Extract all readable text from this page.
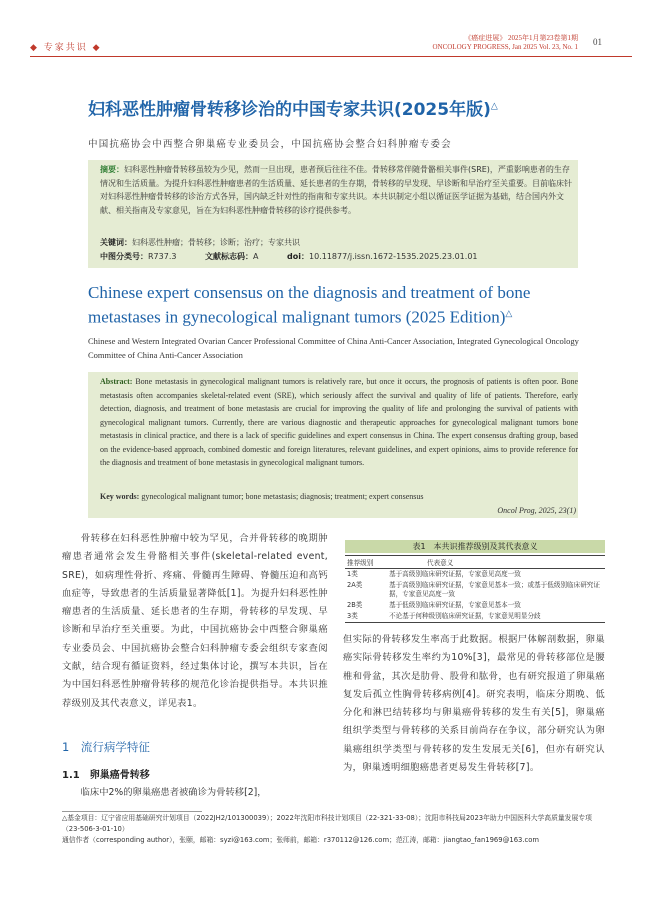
◆ 专家共识 ◆
《癌症进展》 2025年1月第23卷第1期
ONCOLOGY PROGRESS, Jan 2025 Vol. 23, No. 1 01
妇科恶性肿瘤骨转移诊治的中国专家共识(2025年版)△
中国抗癌协会中西整合卵巢癌专业委员会，中国抗癌协会整合妇科肿瘤专委会
摘要：妇科恶性肿瘤骨转移虽较为少见，然而一旦出现，患者预后往往不佳。骨转移常伴随骨骼相关事件(SRE)，严重影响患者的生存情况和生活质量。为提升妇科恶性肿瘤患者的生活质量、延长患者的生存期，骨转移的早发现、早诊断和早治疗至关重要。目前临床针对妇科恶性肿瘤骨转移的诊治方式各异，国内缺乏针对性的指南和专家共识。本共识制定小组以循证医学证据为基础，结合国内外文献、相关指南及专家意见，旨在为妇科恶性肿瘤骨转移的诊疗提供参考。
关键词：妇科恶性肿瘤；骨转移；诊断；治疗；专家共识
中图分类号：R737.3	文献标志码：A	doi：10.11877/j.issn.1672-1535.2025.23.01.01
Chinese expert consensus on the diagnosis and treatment of bone metastases in gynecological malignant tumors (2025 Edition)△
Chinese and Western Integrated Ovarian Cancer Professional Committee of China Anti-Cancer Association, Integrated Gynecological Oncology Committee of China Anti-Cancer Association
Abstract: Bone metastasis in gynecological malignant tumors is relatively rare, but once it occurs, the prognosis of patients is often poor. Bone metastasis often accompanies skeletal-related event (SRE), which seriously affect the survival and quality of life of patients. Therefore, early detection, diagnosis, and treatment of bone metastasis are crucial for improving the quality of life and prolonging the survival of patients with gynecological malignant tumors. Currently, there are various diagnostic and therapeutic approaches for gynecological malignant tumors bone metastasis in clinical practice, and there is a lack of specific guidelines and expert consensus in China. The expert consensus drafting group, based on the evidence-based approach, combined domestic and foreign literatures, relevant guidelines, and expert opinions, aims to provide reference for the diagnosis and treatment of bone metastasis in gynecological malignant tumors.
Key words: gynecological malignant tumor; bone metastasis; diagnosis; treatment; expert consensus
Oncol Prog, 2025, 23(1)
骨转移在妇科恶性肿瘤中较为罕见，合并骨转移的晚期肿瘤患者通常会发生骨骼相关事件(skeletal-related event, SRE)，如病理性骨折、疼痛、骨髓再生障碍、脊髓压迫和高钙血症等，导致患者的生活质量显著降低[1]。为提升妇科恶性肿瘤患者的生活质量、延长患者的生存期，骨转移的早发现、早诊断和早治疗至关重要。为此，中国抗癌协会中西整合卵巢癌专业委员会、中国抗癌协会整合妇科肿瘤专委会组织专家查阅文献，结合现有循证资料，经过集体讨论，撰写本共识，旨在为中国妇科恶性肿瘤骨转移的规范化诊治提供指导。本共识推荐级别及其代表意义，详见表1。
1　流行病学特征
1.1　卵巢癌骨转移
临床中2%的卵巢癌患者被确诊为骨转移[2]，
表1　本共识推荐级别及其代表意义
推荐级别	代表意义
1类	基于高级别临床研究证据，专家意见高度一致
2A类	基于高级别临床研究证据，专家意见基本一致；或基于低级别临床研究证据，专家意见高度一致
2B类	基于低级别临床研究证据，专家意见基本一致
3类	不论基于何种级别临床研究证据，专家意见明显分歧
但实际的骨转移发生率高于此数据。根据尸体解剖数据，卵巢癌实际骨转移发生率约为10%[3]，最常见的骨转移部位是腰椎和骨盆，其次是肋骨、股骨和肱骨，也有研究报道了卵巢癌复发后孤立性胸骨转移病例[4]。研究表明，临床分期晚、低分化和淋巴结转移均与卵巢癌骨转移的发生有关[5]，卵巢癌组织学类型与骨转移的关系目前尚存在争议，部分研究认为卵巢癌组织学类型与骨转移的发生发展无关[6]，但亦有研究认为，卵巢透明细胞癌患者更易发生骨转移[7]。
△基金项目：辽宁省应用基础研究计划项目（2022JH2/101300039）；2022年沈阳市科技计划项目（22-321-33-08）；沈阳市科技局2023年助力中国医科大学高质量发展专项（23-506-3-01-10）
通信作者（corresponding author），张颐，邮箱：syzi@163.com；张师前，邮箱：r370112@126.com；范江涛，邮箱：jiangtao_fan1969@163.com
